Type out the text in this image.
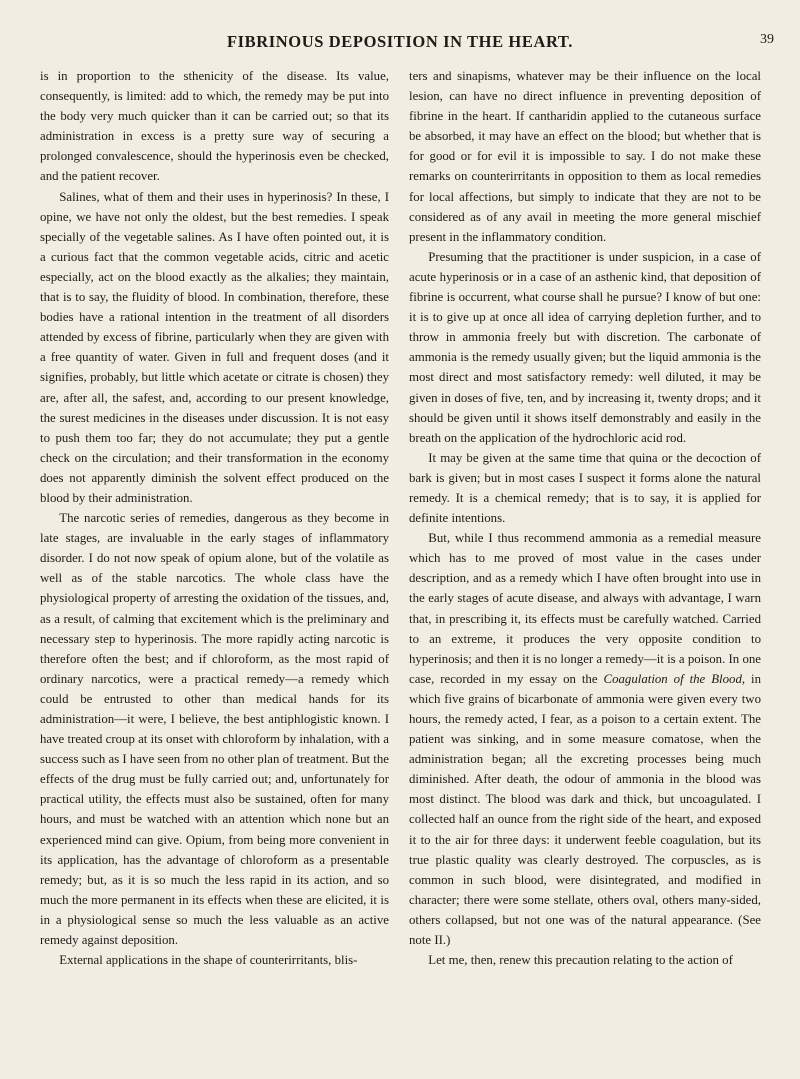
FIBRINOUS DEPOSITION IN THE HEART.	39

is in proportion to the sthenicity of the disease. Its value, consequently, is limited: add to which, the remedy may be put into the body very much quicker than it can be carried out; so that its administration in excess is a pretty sure way of securing a prolonged convalescence, should the hyperinosis even be checked, and the patient recover.

Salines, what of them and their uses in hyperinosis? In these, I opine, we have not only the oldest, but the best remedies. I speak specially of the vegetable salines. As I have often pointed out, it is a curious fact that the common vegetable acids, citric and acetic especially, act on the blood exactly as the alkalies; they maintain, that is to say, the fluidity of blood. In combination, therefore, these bodies have a rational intention in the treatment of all disorders attended by excess of fibrine, particularly when they are given with a free quantity of water. Given in full and frequent doses (and it signifies, probably, but little which acetate or citrate is chosen) they are, after all, the safest, and, according to our present knowledge, the surest medicines in the diseases under discussion. It is not easy to push them too far; they do not accumulate; they put a gentle check on the circulation; and their transformation in the economy does not apparently diminish the solvent effect produced on the blood by their administration.

The narcotic series of remedies, dangerous as they become in late stages, are invaluable in the early stages of inflammatory disorder. I do not now speak of opium alone, but of the volatile as well as of the stable narcotics. The whole class have the physiological property of arresting the oxidation of the tissues, and, as a result, of calming that excitement which is the preliminary and necessary step to hyperinosis. The more rapidly acting narcotic is therefore often the best; and if chloroform, as the most rapid of ordinary narcotics, were a practical remedy—a remedy which could be entrusted to other than medical hands for its administration—it were, I believe, the best antiphlogistic known. I have treated croup at its onset with chloroform by inhalation, with a success such as I have seen from no other plan of treatment. But the effects of the drug must be fully carried out; and, unfortunately for practical utility, the effects must also be sustained, often for many hours, and must be watched with an attention which none but an experienced mind can give. Opium, from being more convenient in its application, has the advantage of chloroform as a presentable remedy; but, as it is so much the less rapid in its action, and so much the more permanent in its effects when these are elicited, it is in a physiological sense so much the less valuable as an active remedy against deposition.

External applications in the shape of counterirritants, blis-

ters and sinapisms, whatever may be their influence on the local lesion, can have no direct influence in preventing deposition of fibrine in the heart. If cantharidin applied to the cutaneous surface be absorbed, it may have an effect on the blood; but whether that is for good or for evil it is impossible to say. I do not make these remarks on counterirritants in opposition to them as local remedies for local affections, but simply to indicate that they are not to be considered as of any avail in meeting the more general mischief present in the inflammatory condition.

Presuming that the practitioner is under suspicion, in a case of acute hyperinosis or in a case of an asthenic kind, that deposition of fibrine is occurrent, what course shall he pursue? I know of but one: it is to give up at once all idea of carrying depletion further, and to throw in ammonia freely but with discretion. The carbonate of ammonia is the remedy usually given; but the liquid ammonia is the most direct and most satisfactory remedy: well diluted, it may be given in doses of five, ten, and by increasing it, twenty drops; and it should be given until it shows itself demonstrably and easily in the breath on the application of the hydrochloric acid rod.

It may be given at the same time that quina or the decoction of bark is given; but in most cases I suspect it forms alone the natural remedy. It is a chemical remedy; that is to say, it is applied for definite intentions.

But, while I thus recommend ammonia as a remedial measure which has to me proved of most value in the cases under description, and as a remedy which I have often brought into use in the early stages of acute disease, and always with advantage, I warn that, in prescribing it, its effects must be carefully watched. Carried to an extreme, it produces the very opposite condition to hyperinosis; and then it is no longer a remedy—it is a poison. In one case, recorded in my essay on the Coagulation of the Blood, in which five grains of bicarbonate of ammonia were given every two hours, the remedy acted, I fear, as a poison to a certain extent. The patient was sinking, and in some measure comatose, when the administration began; all the excreting processes being much diminished. After death, the odour of ammonia in the blood was most distinct. The blood was dark and thick, but uncoagulated. I collected half an ounce from the right side of the heart, and exposed it to the air for three days: it underwent feeble coagulation, but its true plastic quality was clearly destroyed. The corpuscles, as is common in such blood, were disintegrated, and modified in character; there were some stellate, others oval, others many-sided, others collapsed, but not one was of the natural appearance. (See note II.)

Let me, then, renew this precaution relating to the action of
